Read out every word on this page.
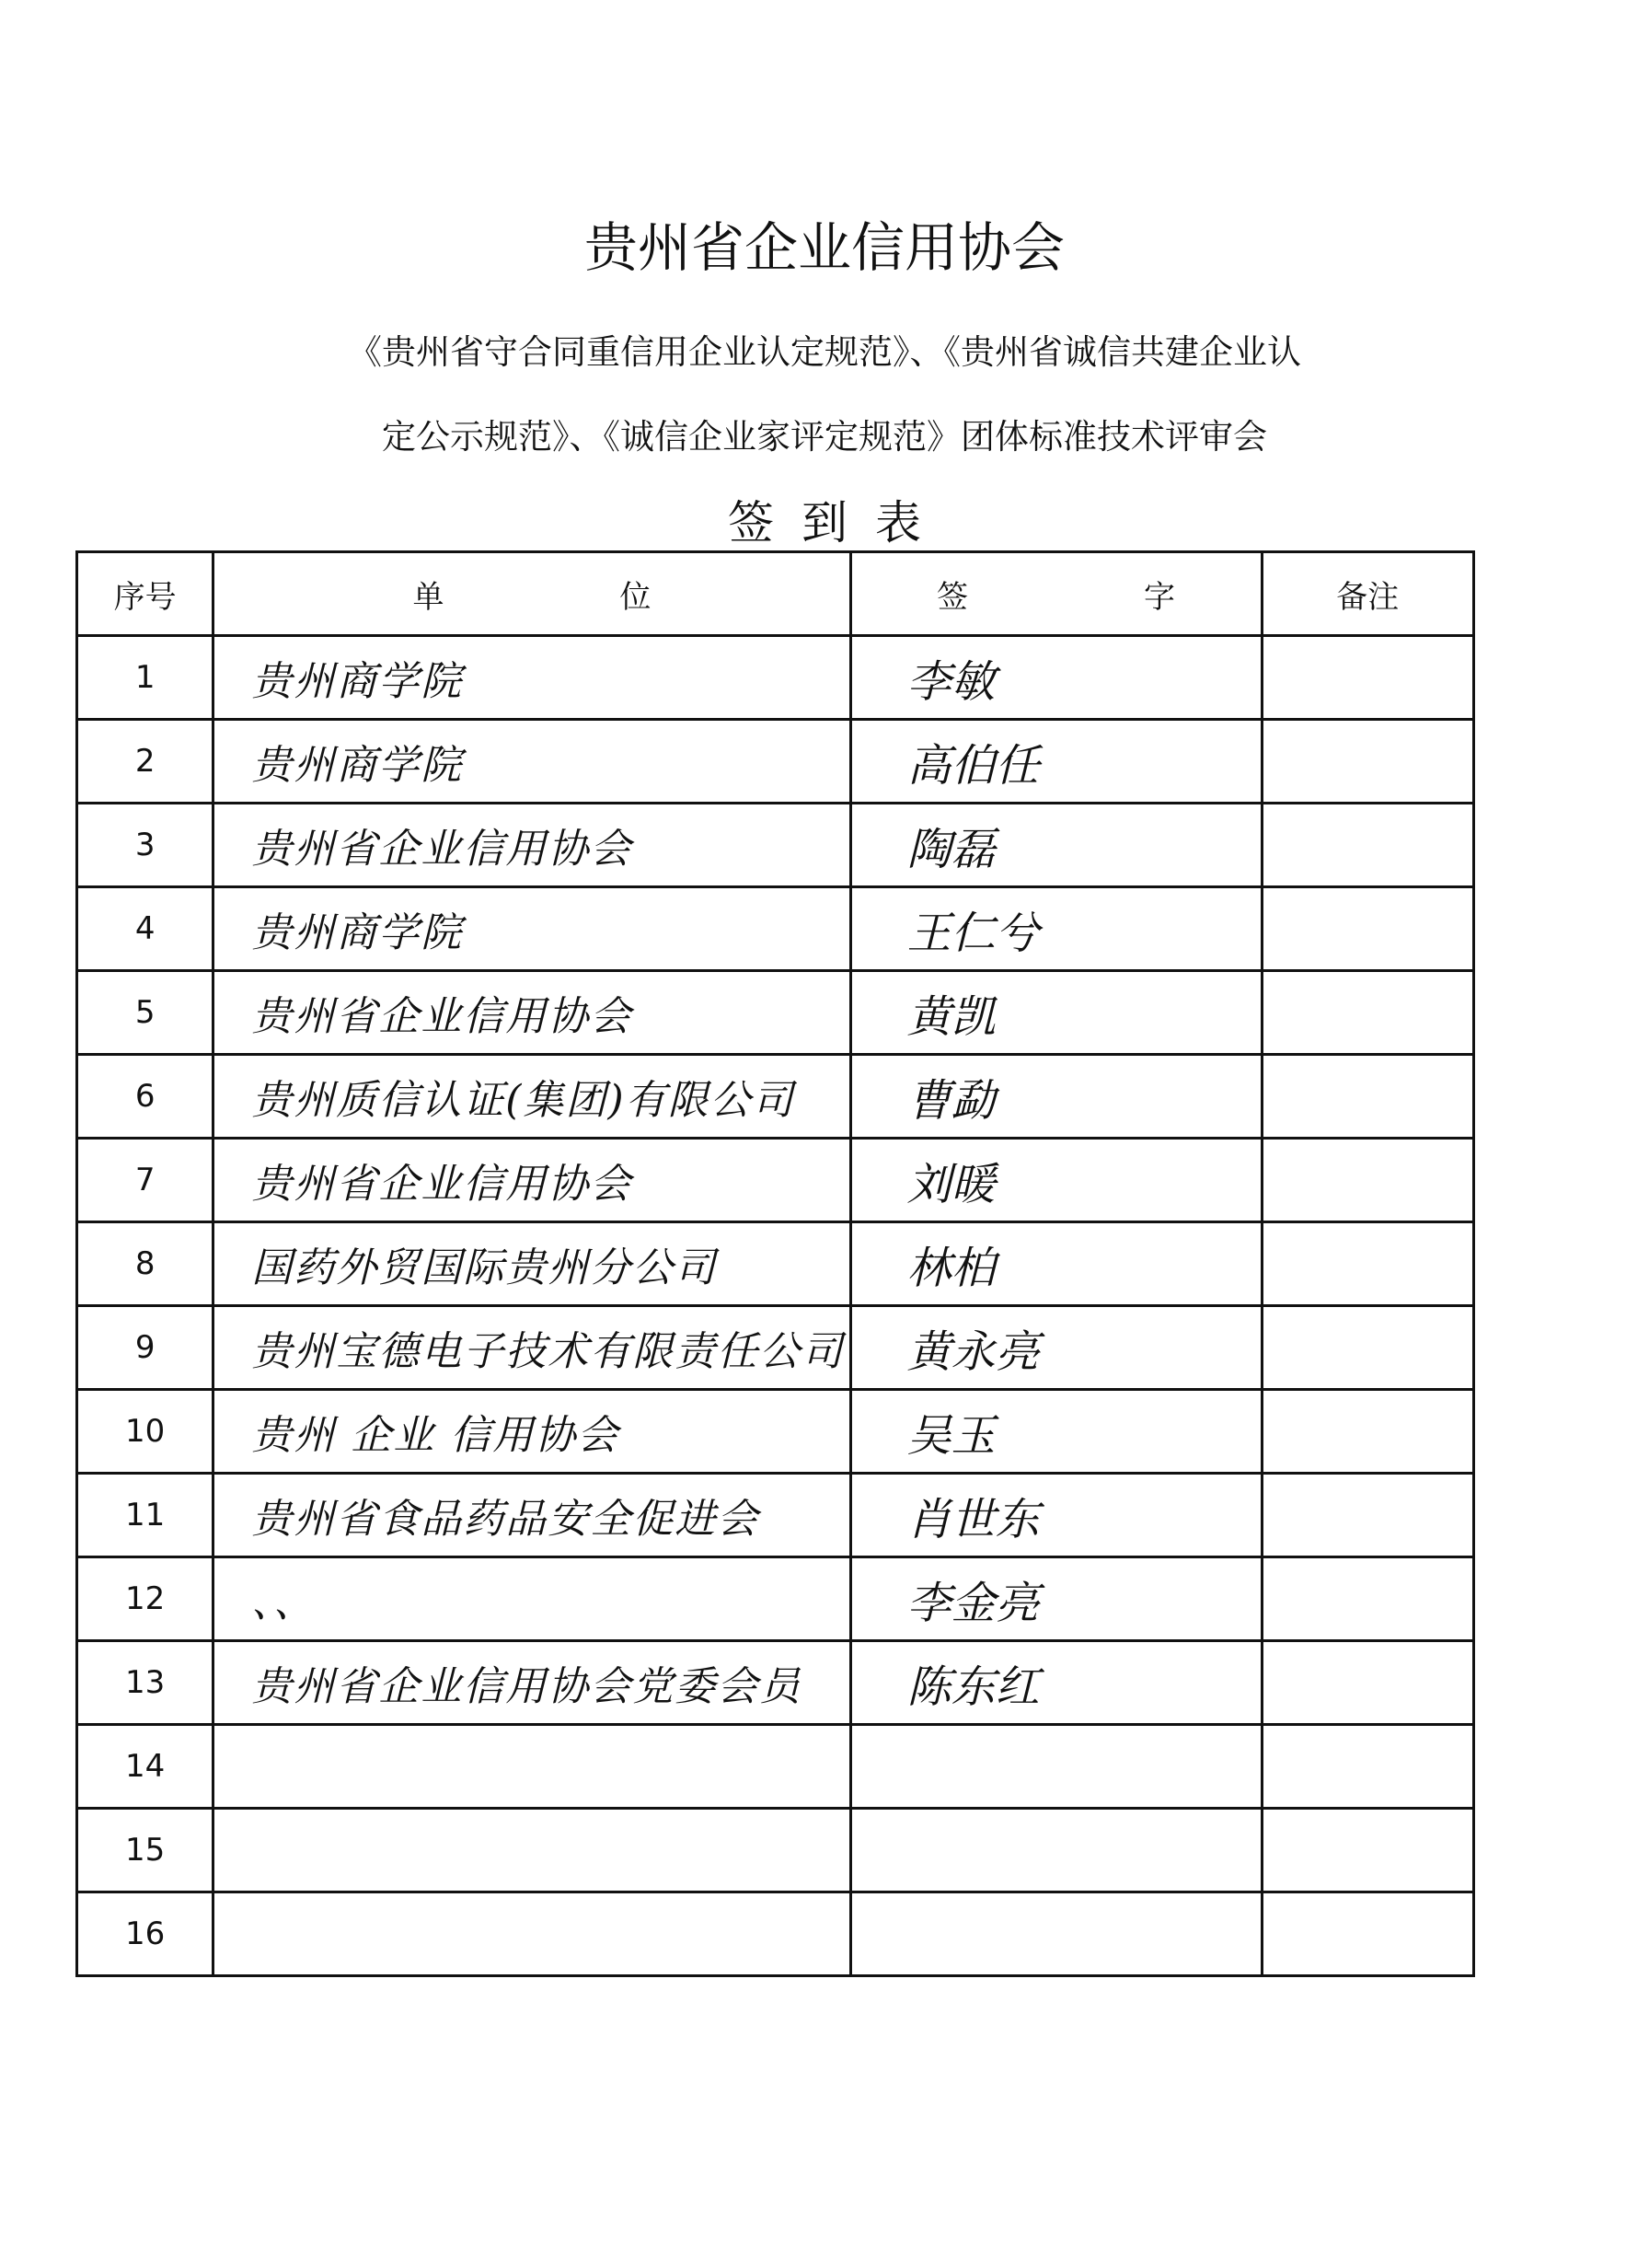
贵州省企业信用协会
《贵州省守合同重信用企业认定规范》、《贵州省诚信共建企业认
定公示规范》、《诚信企业家评定规范》团体标准技术评审会
签到表
序号	单 位	签 字	备注
1	贵州商学院	李敏	
2	贵州商学院	高伯任	
3	贵州省企业信用协会	陶磊	
4	贵州商学院	王仁兮	
5	贵州省企业信用协会	黄凯	
6	贵州质信认证(集团)有限公司	曹勐	
7	贵州省企业信用协会	刘暖	
8	国药外贸国际贵州分公司	林柏	
9	贵州宝德电子技术有限责任公司	黄永亮	
10	贵州 企业 信用协会	吴玉	
11	贵州省食品药品安全促进会	肖世东	
12	、、	李金亮	
13	贵州省企业信用协会党委会员	陈东红	
14			
15			
16			
